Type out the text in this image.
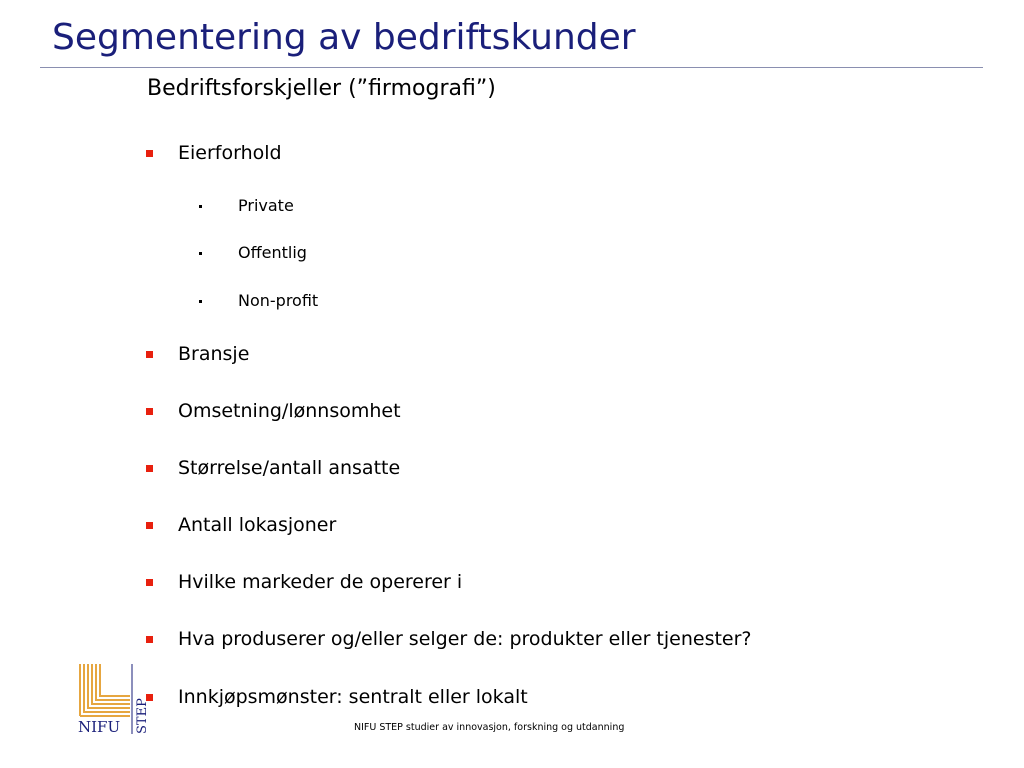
Segmentering av bedriftskunder
Bedriftsforskjeller (”firmografi”)
Eierforhold
Private
Offentlig
Non-profit
Bransje
Omsetning/lønnsomhet
Størrelse/antall ansatte
Antall lokasjoner
Hvilke markeder de opererer i
Hva produserer og/eller selger de: produkter eller tjenester?
Innkjøpsmønster: sentralt eller lokalt
NIFU STEP	NIFU STEP studier av innovasjon, forskning og utdanning
